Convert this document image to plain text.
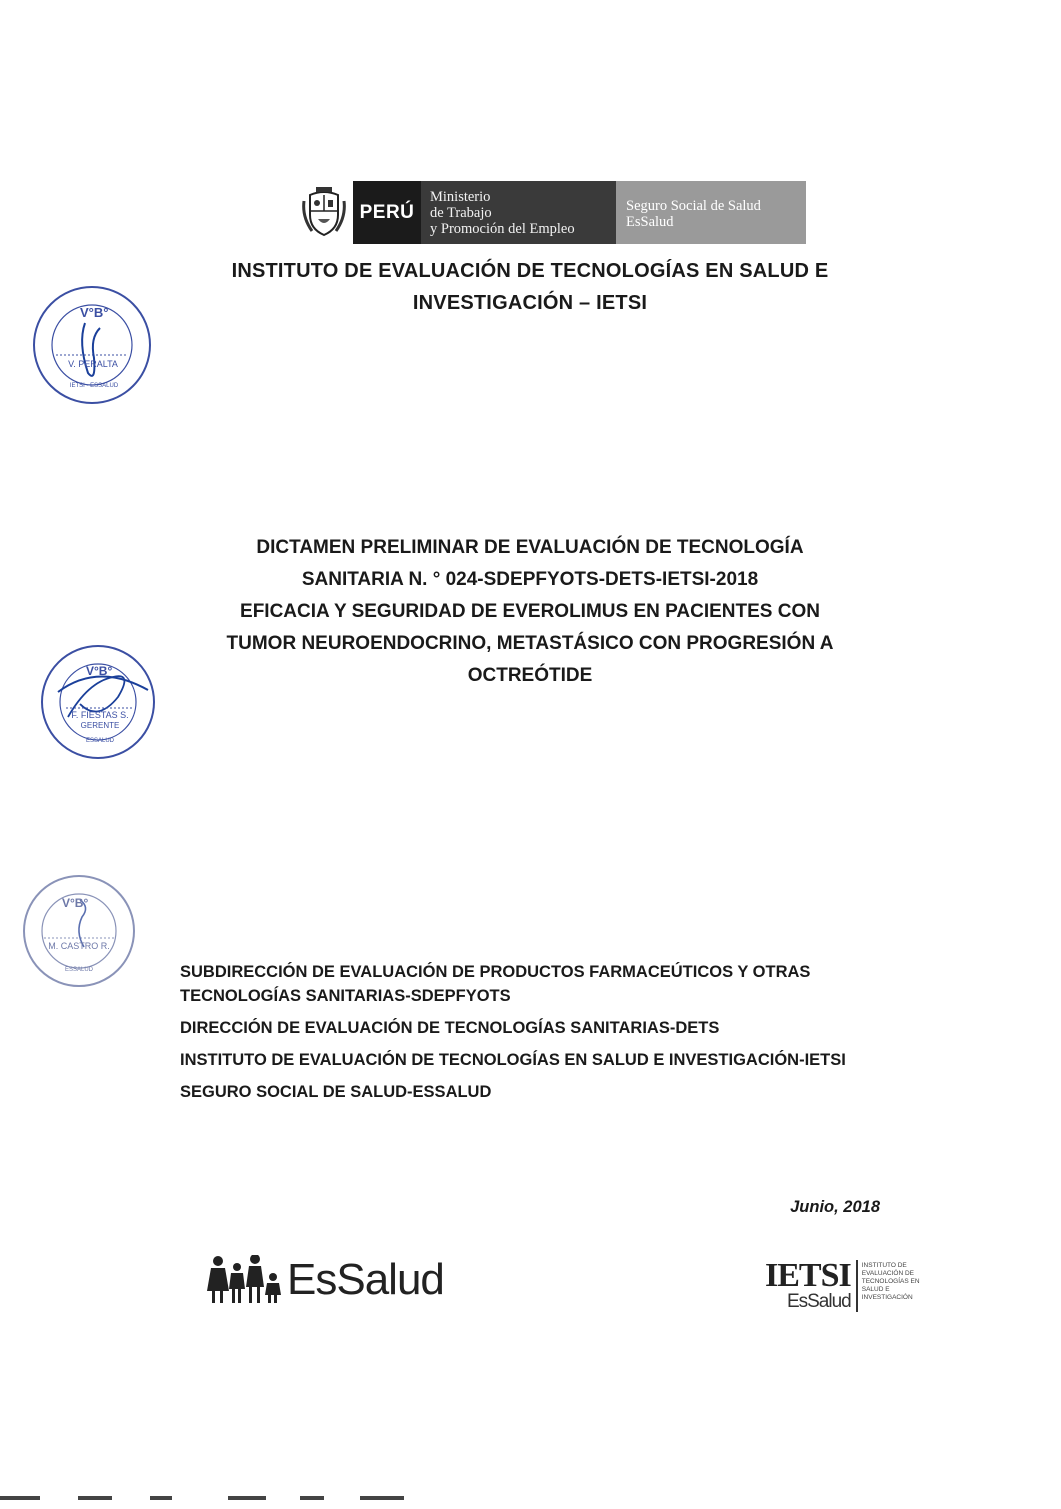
PERÚ
Ministerio
de Trabajo
y Promoción del Empleo
Seguro Social de Salud
EsSalud
INSTITUTO DE EVALUACIÓN DE TECNOLOGÍAS EN SALUD E
INVESTIGACIÓN – IETSI
V°B°
V. PERALTA
IETSI - ESSALUD
DICTAMEN PRELIMINAR DE EVALUACIÓN DE TECNOLOGÍA
SANITARIA N. ° 024-SDEPFYOTS-DETS-IETSI-2018
EFICACIA Y SEGURIDAD DE EVEROLIMUS EN PACIENTES CON
TUMOR NEUROENDOCRINO, METASTÁSICO CON PROGRESIÓN A
OCTREÓTIDE
V°B°
F. FIESTAS S.
GERENTE
ESSALUD
V°B°
M. CASTRO R.
ESSALUD	SUBDIRECCIÓN DE EVALUACIÓN DE PRODUCTOS FARMACEÚTICOS Y OTRAS TECNOLOGÍAS SANITARIAS-SDEPFYOTS
DIRECCIÓN DE EVALUACIÓN DE TECNOLOGÍAS SANITARIAS-DETS
INSTITUTO DE EVALUACIÓN DE TECNOLOGÍAS EN SALUD E INVESTIGACIÓN-IETSI
SEGURO SOCIAL DE SALUD-ESSALUD
Junio, 2018
EsSalud	IETSI
EsSalud
INSTITUTO DE EVALUACIÓN DE TECNOLOGÍAS EN SALUD E INVESTIGACIÓN
